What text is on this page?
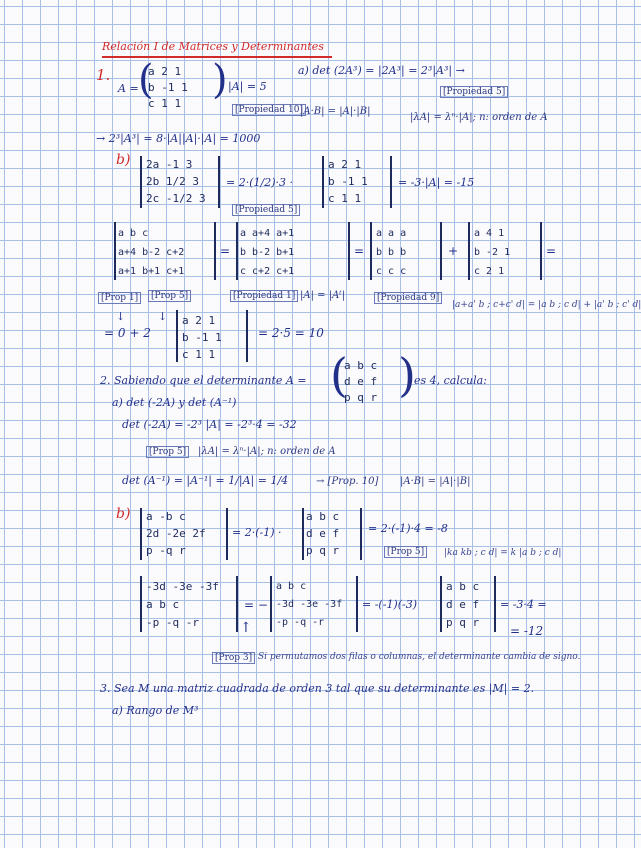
Relación I de Matrices y Determinantes
1.
A =
a 2 1
b -1 1
c 1 1
( ) |A| = 5
a) det (2A³) = |2A³| = 2³|A³| →
[Propiedad 5]
[Propiedad 10]
|A·B| = |A|·|B|
|λA| = λⁿ·|A|; n: orden de A
→ 2³|A³| = 8·|A||A|·|A| = 1000
b) 2a -1 3
2b 1/2 3
2c -1/2 3
= 2·(1/2)·3 ·
a 2 1
b -1 1
c 1 1
= -3·|A| = -15
[Propiedad 5]
a b c
a+4 b-2 c+2
a+1 b+1 c+1
=
a a+4 a+1
b b-2 b+1
c c+2 c+1
=
a a a
b b b
c c c
+
a 4 1
b -2 1
c 2 1
=
[Propiedad 1] |A| = |Aᵗ|	[Propiedad 9]
|a+a' b ; c+c' d| = |a b ; c d| + |a' b ; c' d|
[Prop 1]	[Prop 5]
↓	↓
= 0 + 2
a 2 1
b -1 1
c 1 1
= 2·5 = 10
2. Sabiendo que el determinante A = (
a b c
d e f
p q r )
es 4, calcula:
a) det (-2A) y det (A⁻¹)
det (-2A) = -2³ |A| = -2³·4 = -32
[Prop 5]	|λA| = λⁿ·|A|; n: orden de A
det (A⁻¹) = |A⁻¹| = 1/|A| = 1/4	→ [Prop. 10] |A·B| = |A|·|B|
b) a -b c
2d -2e 2f
p -q r
= 2·(-1) ·
a b c
d e f
p q r
= 2·(-1)·4 = -8
[Prop 5]	|ka kb ; c d| = k |a b ; c d|
-3d -3e -3f
a b c
-p -q -r
= −
a b c
-3d -3e -3f
-p -q -r
= -(-1)(-3)
a b c
d e f
p q r
= -3·4 =
= -12
↑
[Prop 3] Si permutamos dos filas o columnas, el determinante cambia de signo.
3. Sea M una matriz cuadrada de orden 3 tal que su determinante es |M| = 2.
a) Rango de M³
